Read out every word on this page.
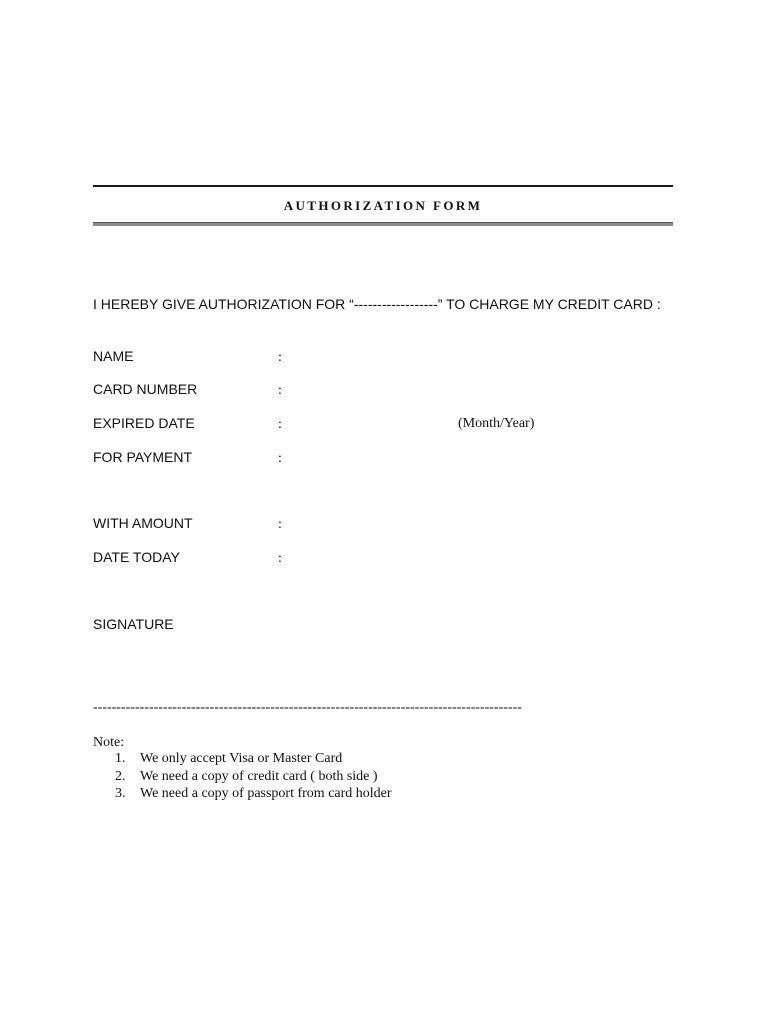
AUTHORIZATION FORM
I HEREBY GIVE AUTHORIZATION FOR “------------------” TO CHARGE MY CREDIT CARD :
NAME	:
CARD NUMBER	:
EXPIRED DATE	:	(Month/Year)
FOR PAYMENT	:
WITH AMOUNT	:
DATE TODAY	:
SIGNATURE
--------------------------------------------------------------------------------------------
Note:
1. We only accept Visa or Master Card
2. We need a copy of credit card ( both side )
3. We need a copy of passport from card holder
